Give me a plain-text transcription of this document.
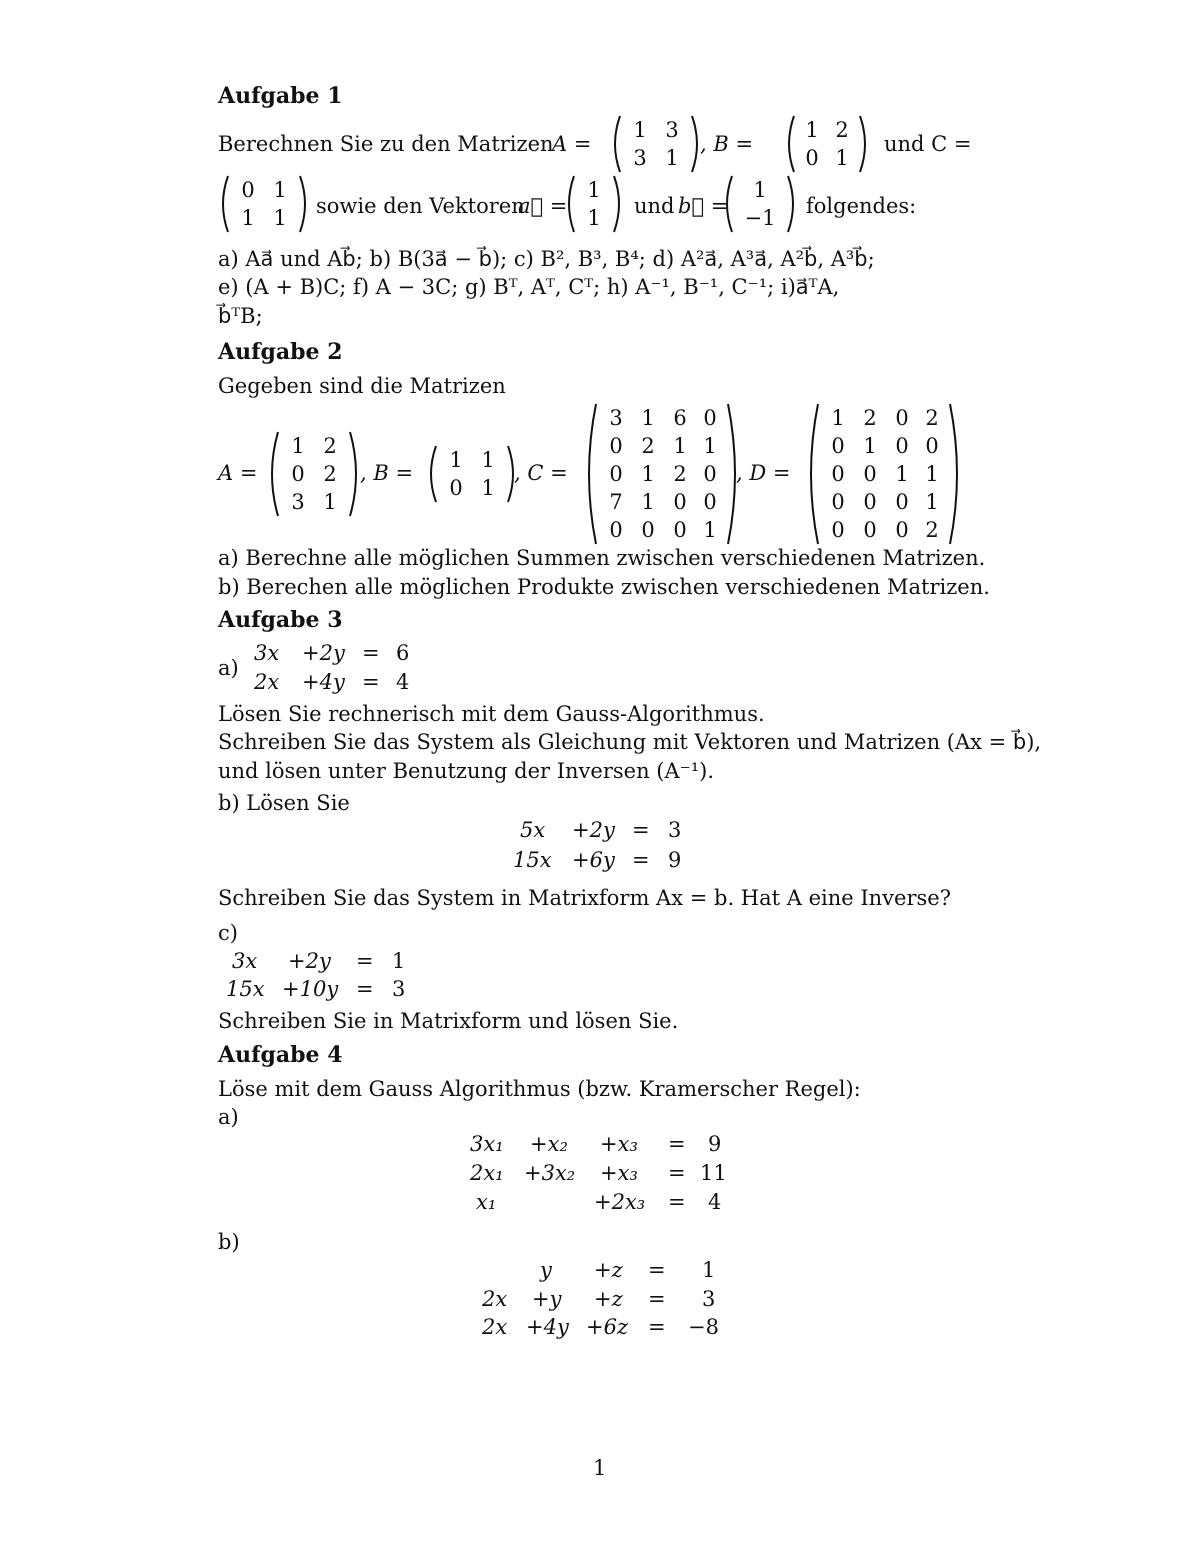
Aufgabe 1
Berechnen Sie zu den Matrizen
A =
1 3
3 1
, B =
1 2
0 1
und C =
0 1
1 1	sowie den Vektoren
a⃗ =
1
1	und b⃗ =
1
−1 folgendes:
a) Aa⃗ und Ab⃗; b) B(3a⃗ − b⃗); c) B², B³, B⁴; d) A²a⃗, A³a⃗, A²b⃗, A³b⃗;
e) (A + B)C; f) A − 3C; g) Bᵀ, Aᵀ, Cᵀ; h) A⁻¹, B⁻¹, C⁻¹; i)a⃗ᵀA,
b⃗ᵀB;
Aufgabe 2
Gegeben sind die Matrizen
A =
1 2
0 2
3 1
, B =
1 1
0 1
, C =
3 1 6 0
0 2 1 1
0 1 2 0
7 1 0 0
0 0 0 1
, D =
1 2 0 2
0 1 0 0
0 0 1 1
0 0 0 1
0 0 0 2
a) Berechne alle möglichen Summen zwischen verschiedenen Matrizen.
b) Berechen alle möglichen Produkte zwischen verschiedenen Matrizen.
Aufgabe 3
a)
3x +2y = 6
2x +4y = 4
Lösen Sie rechnerisch mit dem Gauss-Algorithmus.
Schreiben Sie das System als Gleichung mit Vektoren und Matrizen (Ax = b⃗),
und lösen unter Benutzung der Inversen (A⁻¹).
b) Lösen Sie
5x +2y = 3
15x +6y = 9
Schreiben Sie das System in Matrixform Ax = b. Hat A eine Inverse?
c)
3x +2y = 1
15x +10y = 3
Schreiben Sie in Matrixform und lösen Sie.
Aufgabe 4
Löse mit dem Gauss Algorithmus (bzw. Kramerscher Regel):
a)
3x₁ +x₂ +x₃ = 9
2x₁ +3x₂ +x₃ = 11
x₁	+2x₃ = 4
b)
y +z = 1
2x +y +z = 3
2x +4y +6z = −8
1
